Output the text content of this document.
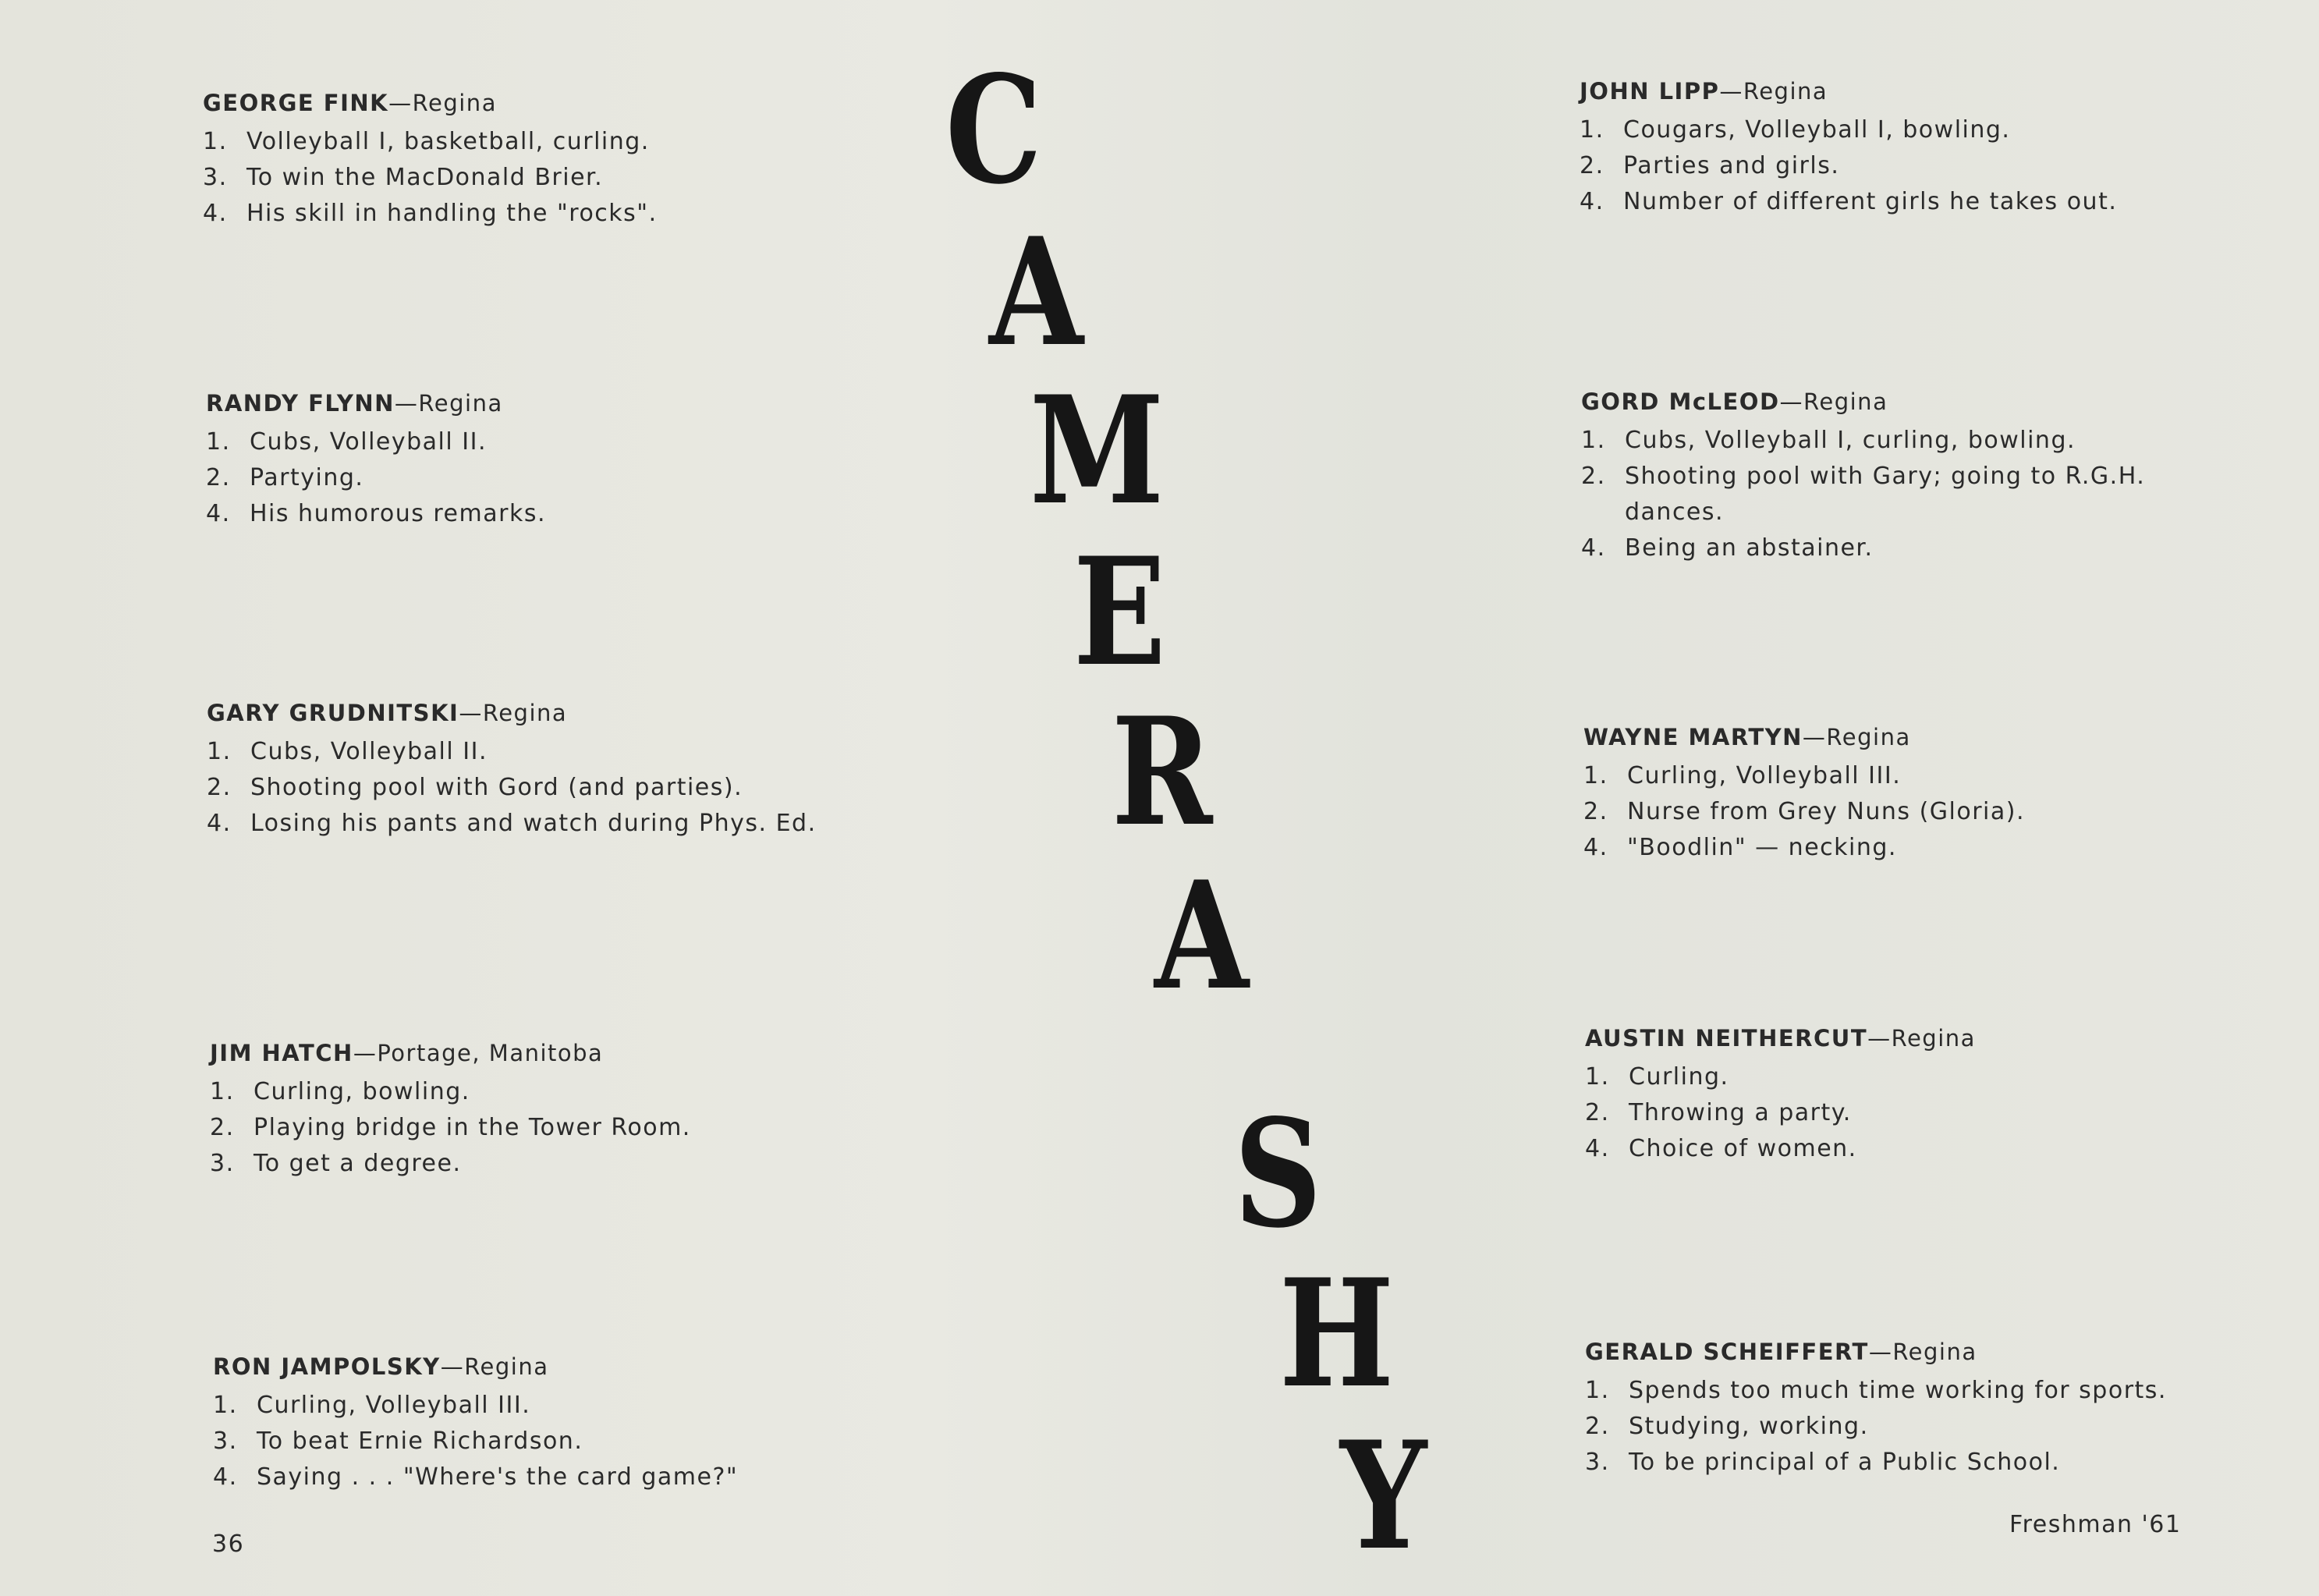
GEORGE FINK—Regina
1. Volleyball I, basketball, curling.
3. To win the MacDonald Brier.
4. His skill in handling the "rocks".
RANDY FLYNN—Regina
1. Cubs, Volleyball II.
2. Partying.
4. His humorous remarks.
GARY GRUDNITSKI—Regina
1. Cubs, Volleyball II.
2. Shooting pool with Gord (and parties).
4. Losing his pants and watch during Phys. Ed.
JIM HATCH—Portage, Manitoba
1. Curling, bowling.
2. Playing bridge in the Tower Room.
3. To get a degree.
RON JAMPOLSKY—Regina
1. Curling, Volleyball III.
3. To beat Ernie Richardson.
4. Saying . . . "Where's the card game?"
C
A
M
E
R
A
S
H
Y
JOHN LIPP—Regina
1. Cougars, Volleyball I, bowling.
2. Parties and girls.
4. Number of different girls he takes out.
GORD McLEOD—Regina
1. Cubs, Volleyball I, curling, bowling.
2. Shooting pool with Gary; going to R.G.H. dances.
4. Being an abstainer.
WAYNE MARTYN—Regina
1. Curling, Volleyball III.
2. Nurse from Grey Nuns (Gloria).
4. "Boodlin" — necking.
AUSTIN NEITHERCUT—Regina
1. Curling.
2. Throwing a party.
4. Choice of women.
GERALD SCHEIFFERT—Regina
1. Spends too much time working for sports.
2. Studying, working.
3. To be principal of a Public School.
36
Freshman '61
